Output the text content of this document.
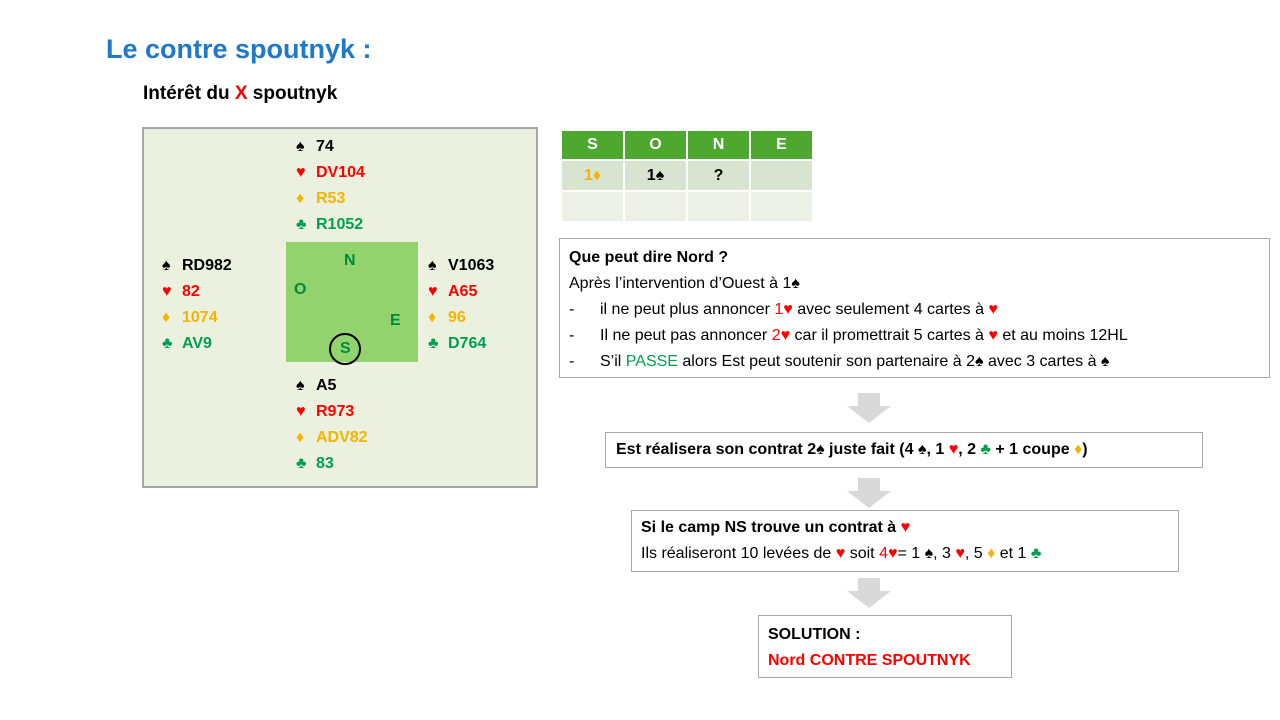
Le contre spoutnyk :
Intérêt du X spoutnyk
♠ 74
♥ DV104
♦ R53
♣ R1052
♠ RD982
♥ 82
♦ 1074
♣ AV9
♠ V1063
♥ A65
♦ 96
♣ D764
N
O
E
S
♠ A5
♥ R973
♦ ADV82
♣ 83
S	O	N	E
1♦	1♠	?	

Que peut dire Nord ?
Après l’intervention d’Ouest à 1♠
- il ne peut plus annoncer 1♥ avec seulement 4 cartes à ♥
- Il ne peut pas annoncer 2♥ car il promettrait 5 cartes à ♥ et au moins 12HL
- S’il PASSE alors Est peut soutenir son partenaire à 2♠ avec 3 cartes à ♠
Est réalisera son contrat 2♠ juste fait (4 ♠, 1 ♥, 2 ♣ + 1 coupe ♦)
Si le camp NS trouve un contrat à ♥
Ils réaliseront 10 levées de ♥ soit 4♥= 1 ♠, 3 ♥, 5 ♦ et 1 ♣
SOLUTION :
Nord CONTRE SPOUTNYK
